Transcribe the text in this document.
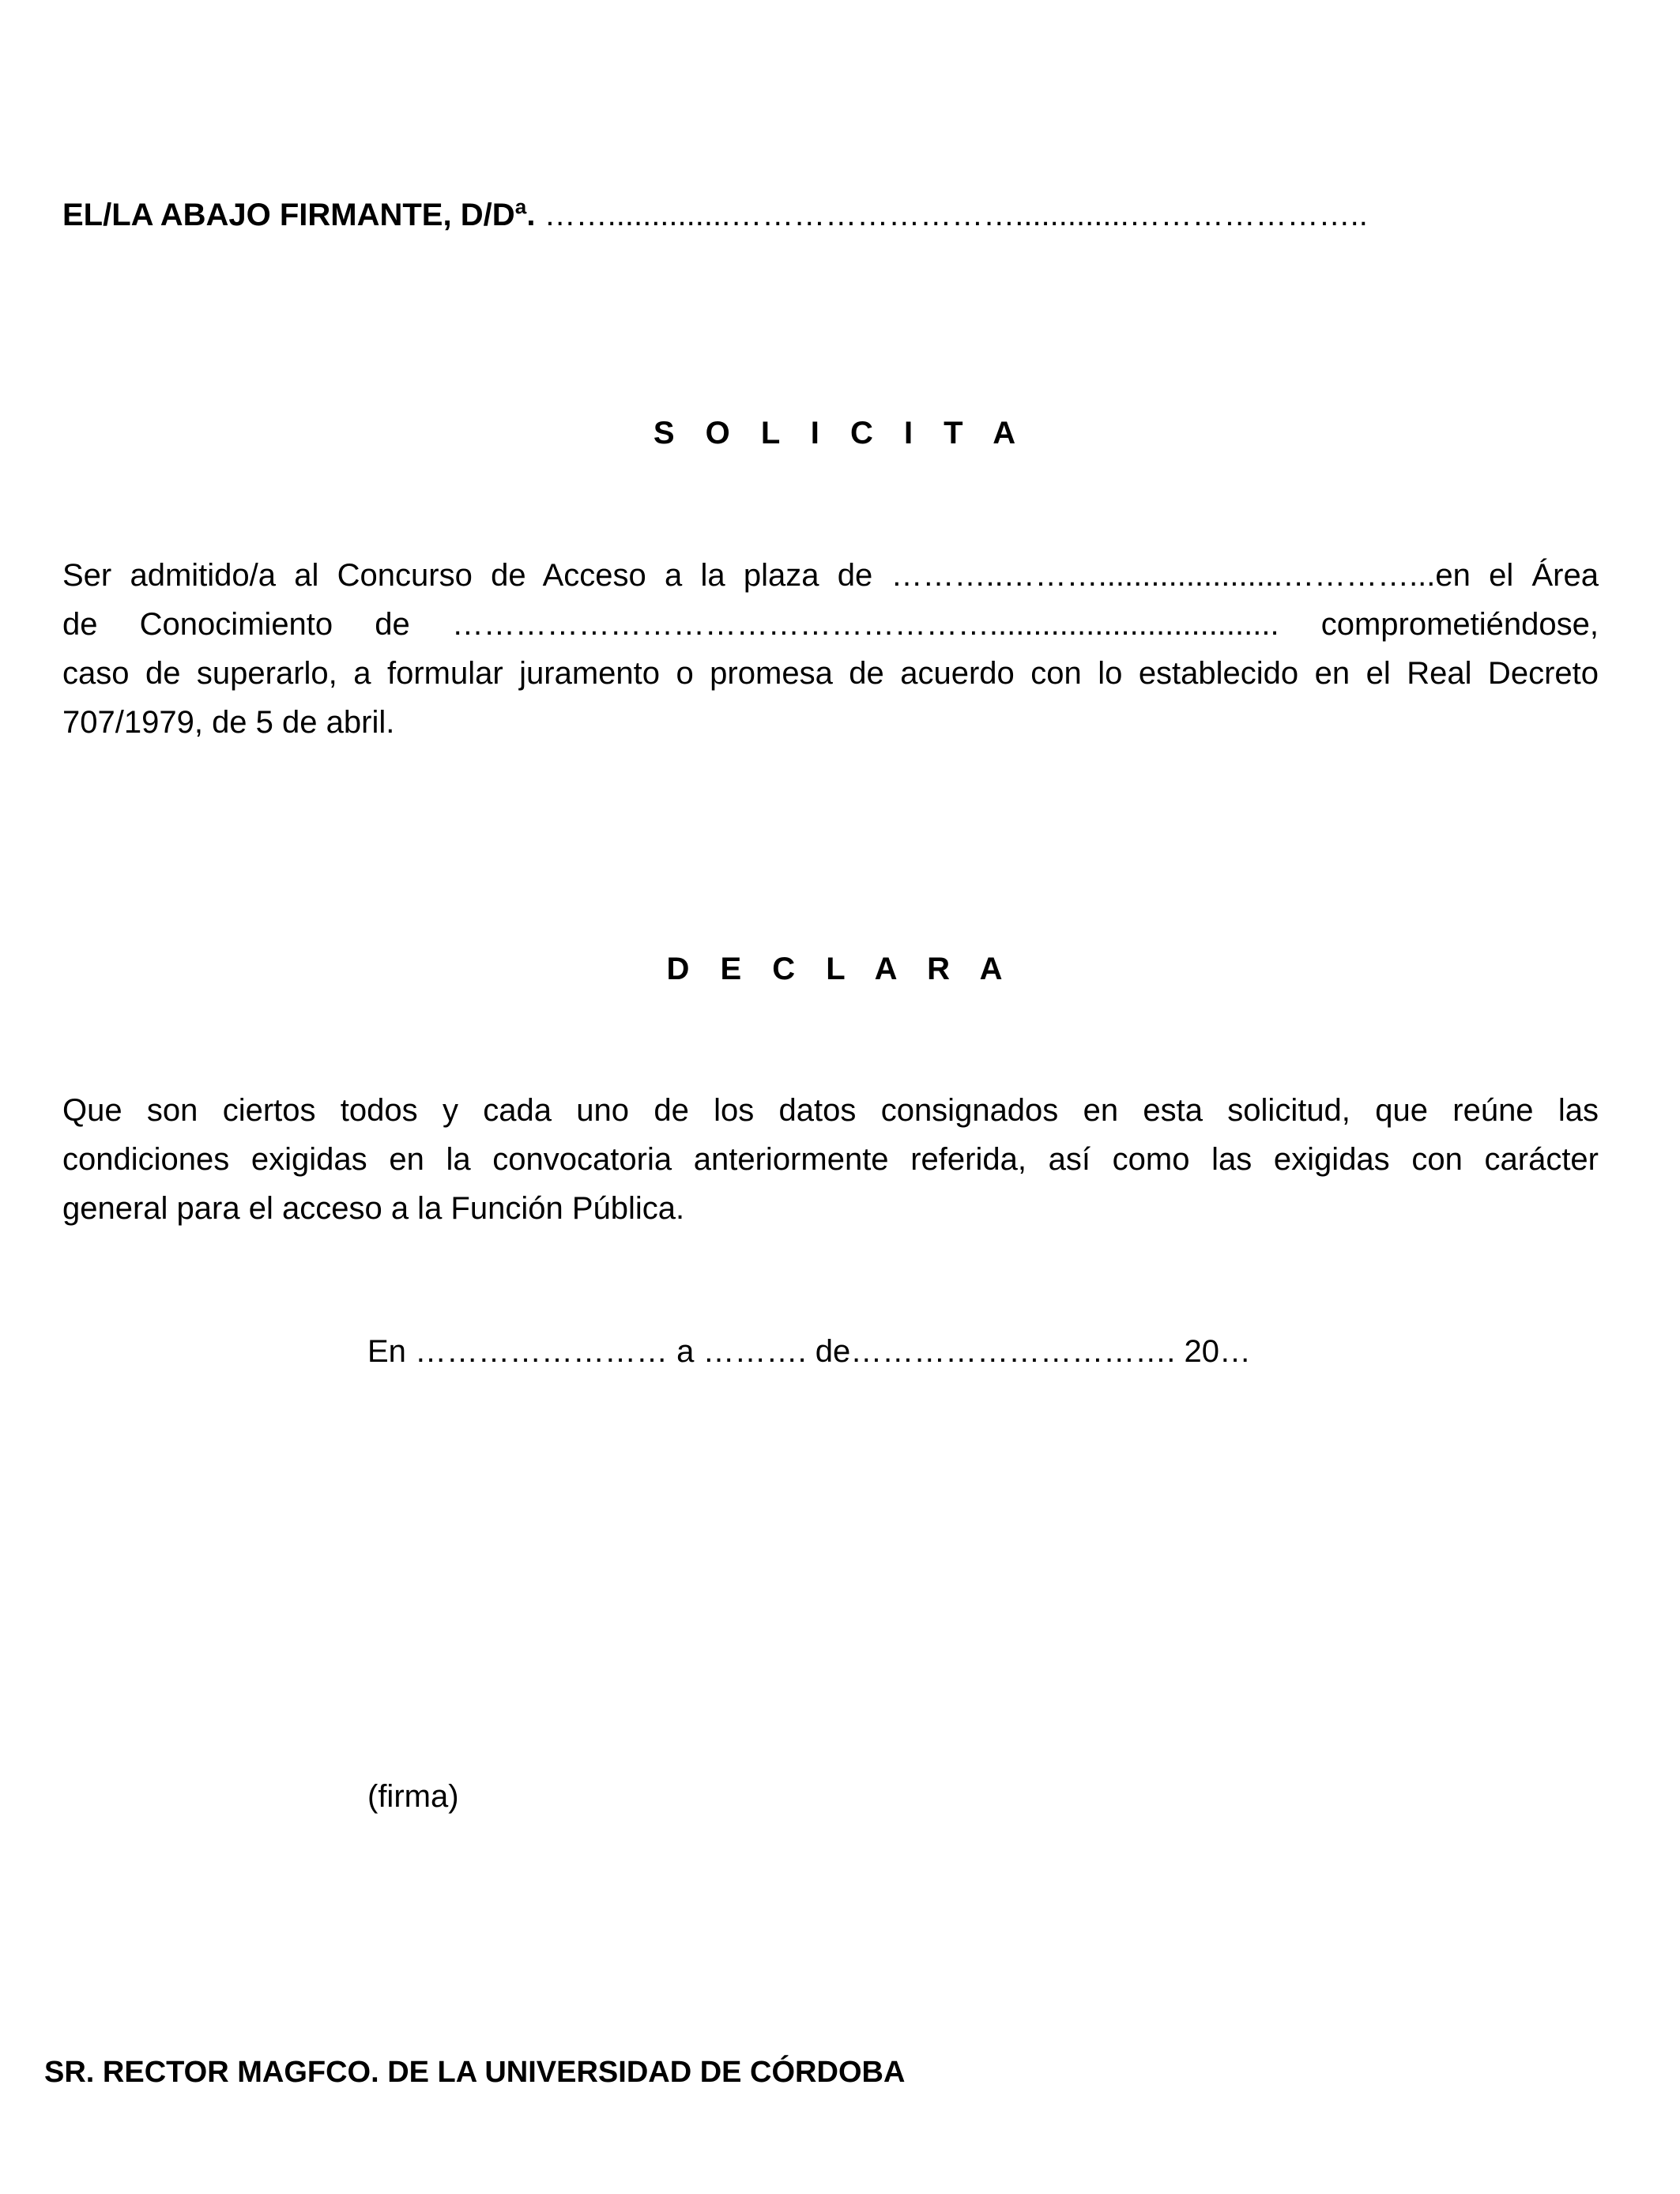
EL/LA ABAJO FIRMANTE, D/Dª. ……..............……………………….............…………………..
S O L I C I T A
Ser admitido/a al Concurso de Acceso a la plaza de ………..……….....................…………...en el Área
de Conocimiento de ……………………………………………................................. comprometiéndose,
caso de superarlo, a formular juramento o promesa de acuerdo con lo establecido en el Real Decreto
707/1979, de 5 de abril.
D E C L A R A
Que son ciertos todos y cada uno de los datos consignados en esta solicitud, que reúne las
condiciones exigidas en la convocatoria anteriormente referida, así como las exigidas con carácter
general para el acceso a la Función Pública.
En …………………… a ………. de…………………………. 20…
(firma)
SR. RECTOR MAGFCO. DE LA UNIVERSIDAD DE CÓRDOBA
